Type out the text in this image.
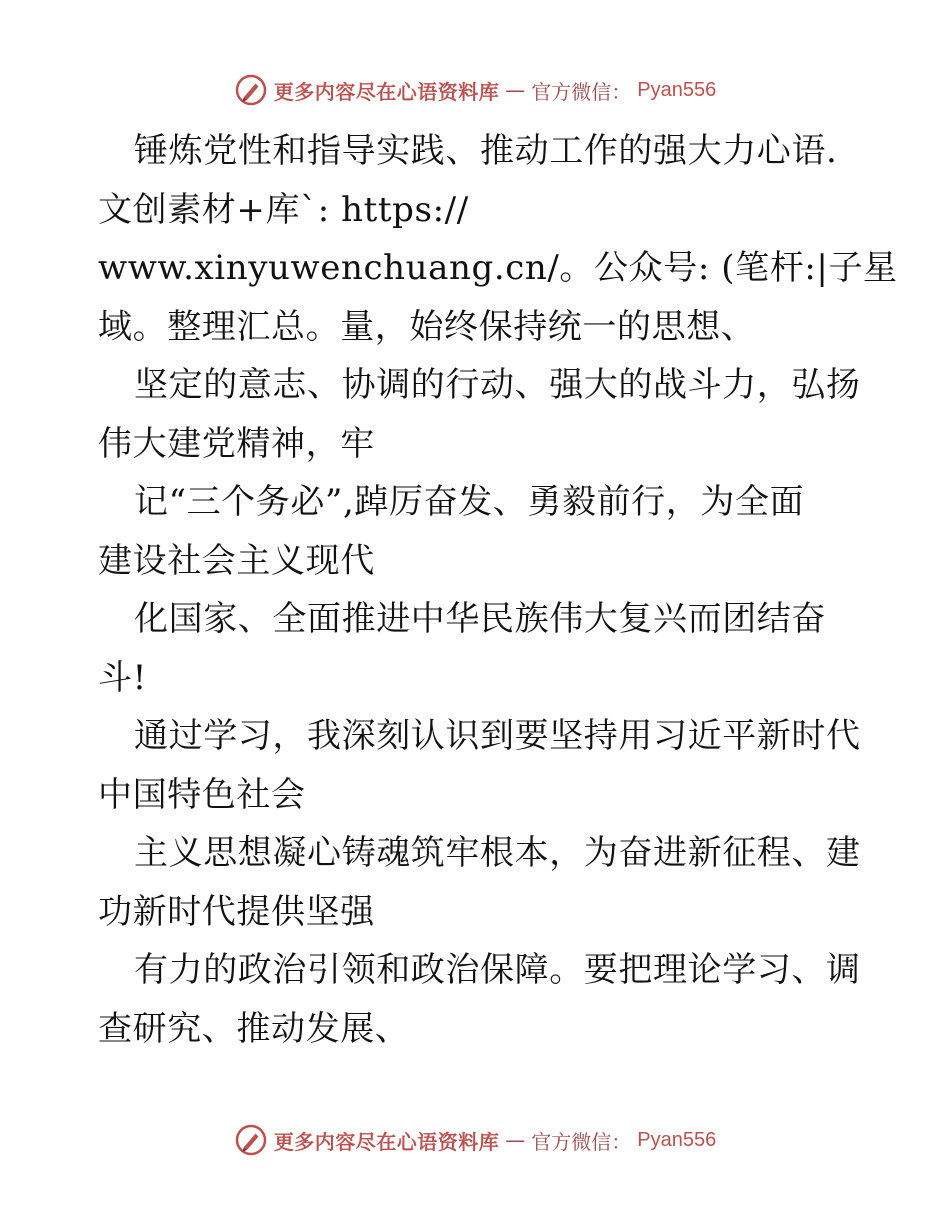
更多内容尽在心语资料库 — 官方微信： Pyan556
锤炼党性和指导实践、推动工作的强大力心语.
文创素材+库`: https://
www.xinyuwenchuang.cn/。公众号: (笔杆:|子星
域。整理汇总。量，始终保持统一的思想、
坚定的意志、协调的行动、强大的战斗力，弘扬
伟大建党精神，牢
记“三个务必”,踔厉奋发、勇毅前行，为全面
建设社会主义现代
化国家、全面推进中华民族伟大复兴而团结奋
斗!
通过学习，我深刻认识到要坚持用习近平新时代
中国特色社会
主义思想凝心铸魂筑牢根本，为奋进新征程、建
功新时代提供坚强
有力的政治引领和政治保障。要把理论学习、调
查研究、推动发展、
更多内容尽在心语资料库 — 官方微信： Pyan556
